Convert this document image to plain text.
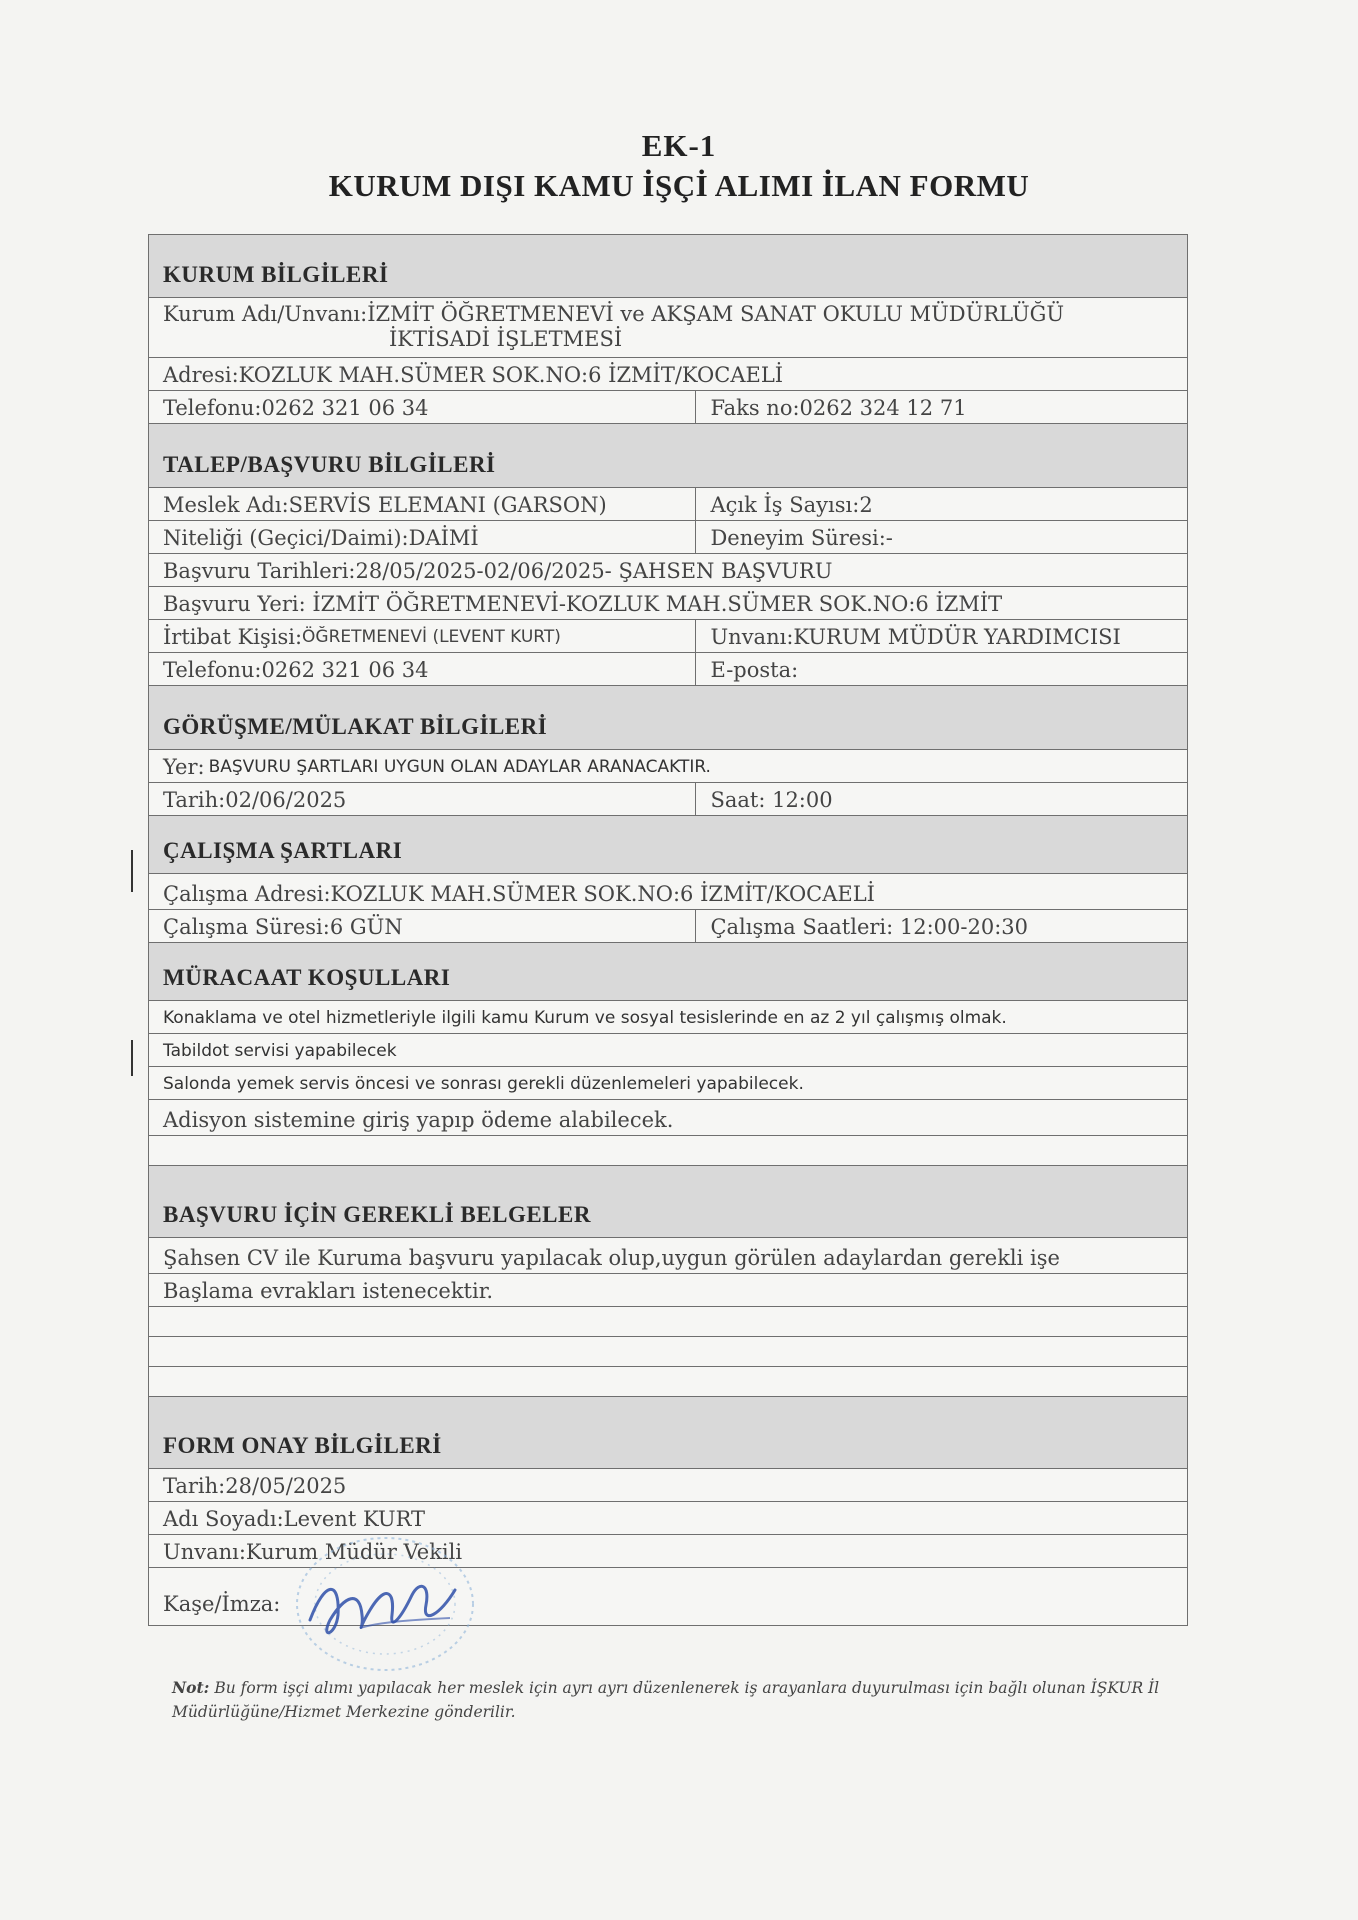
EK-1
KURUM DIŞI KAMU İŞÇİ ALIMI İLAN FORMU
KURUM BİLGİLERİ
Kurum Adı/Unvanı:İZMİT ÖĞRETMENEVİ ve AKŞAM SANAT OKULU MÜDÜRLÜĞÜ
İKTİSADİ İŞLETMESİ
Adresi:KOZLUK MAH.SÜMER SOK.NO:6 İZMİT/KOCAELİ
Telefonu:0262 321 06 34	Faks no:0262 324 12 71
TALEP/BAŞVURU BİLGİLERİ
Meslek Adı:SERVİS ELEMANI (GARSON)	Açık İş Sayısı:2
Niteliği (Geçici/Daimi):DAİMİ	Deneyim Süresi:-
Başvuru Tarihleri:28/05/2025-02/06/2025- ŞAHSEN BAŞVURU
Başvuru Yeri: İZMİT ÖĞRETMENEVİ-KOZLUK MAH.SÜMER SOK.NO:6 İZMİT
İrtibat Kişisi: ÖĞRETMENEVİ (LEVENT KURT)	Unvanı:KURUM MÜDÜR YARDIMCISI
Telefonu:0262 321 06 34	E-posta:
GÖRÜŞME/MÜLAKAT BİLGİLERİ
Yer: BAŞVURU ŞARTLARI UYGUN OLAN ADAYLAR ARANACAKTIR.
Tarih:02/06/2025	Saat: 12:00
ÇALIŞMA ŞARTLARI
Çalışma Adresi:KOZLUK MAH.SÜMER SOK.NO:6 İZMİT/KOCAELİ
Çalışma Süresi:6 GÜN	Çalışma Saatleri: 12:00-20:30
MÜRACAAT KOŞULLARI
Konaklama ve otel hizmetleriyle ilgili kamu Kurum ve sosyal tesislerinde en az 2 yıl çalışmış olmak.
Tabildot servisi yapabilecek
Salonda yemek servis öncesi ve sonrası gerekli düzenlemeleri yapabilecek.
Adisyon sistemine giriş yapıp ödeme alabilecek.
BAŞVURU İÇİN GEREKLİ BELGELER
Şahsen CV ile Kuruma başvuru yapılacak olup,uygun görülen adaylardan gerekli işe
Başlama evrakları istenecektir.
FORM ONAY BİLGİLERİ
Tarih:28/05/2025
Adı Soyadı:Levent KURT
Unvanı:Kurum Müdür Vekili
Kaşe/İmza:
Not: Bu form işçi alımı yapılacak her meslek için ayrı ayrı düzenlenerek iş arayanlara duyurulması için bağlı olunan İŞKUR İl Müdürlüğüne/Hizmet Merkezine gönderilir.
